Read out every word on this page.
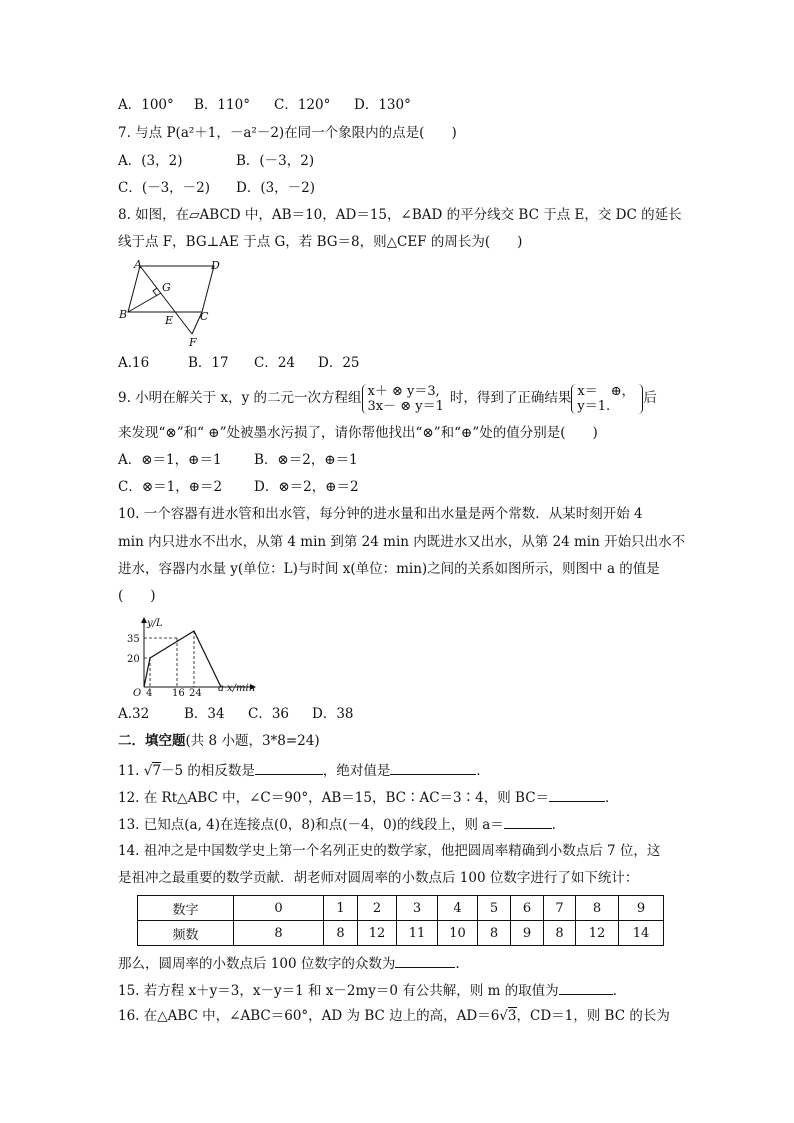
A．100° B．110° C．120° D．130°
7. 与点 P(a²＋1，－a²－2)在同一个象限内的点是(　　)
A．(3，2)	B．(－3，2)
C．(－3，－2) D．(3，－2)
8. 如图，在▱ABCD 中，AB＝10，AD＝15，∠BAD 的平分线交 BC 于点 E，交 DC 的延长
线于点 F，BG⊥AE 于点 G，若 BG＝8，则△CEF 的周长为(　　)
A	D
G
B	E C
F
A.16	B．17 C．24 D．25
9. 小明在解关于 x，y 的二元一次方程组 x＋ ⊗ y＝3,
3x－ ⊗ y＝1 时，得到了正确结果 x＝　⊕，
y＝1. 后
来发现“⊗”和“ ⊕”处被墨水污损了，请你帮他找出“⊗”和“⊕”处的值分别是(　　)
A．⊗＝1，⊕＝1 B．⊗＝2，⊕＝1
C．⊗＝1，⊕＝2 D．⊗＝2，⊕＝2
10. 一个容器有进水管和出水管，每分钟的进水量和出水量是两个常数．从某时刻开始 4
min 内只进水不出水，从第 4 min 到第 24 min 内既进水又出水，从第 24 min 开始只出水不
进水，容器内水量 y(单位：L)与时间 x(单位：min)之间的关系如图所示，则图中 a 的值是
(　　)
y/L
x/min
O
35
20
4 16 24 a
A.32	B．34 C．36 D．38
二．填空题(共 8 小题，3*8=24)
11. √7－5 的相反数是	，绝对值是	．
12. 在 Rt△ABC 中，∠C＝90°，AB＝15，BC∶AC＝3∶4，则 BC＝	．
13. 已知点(a, 4)在连接点(0，8)和点(－4，0)的线段上，则 a＝	．
14. 祖冲之是中国数学史上第一个名列正史的数学家，他把圆周率精确到小数点后 7 位，这
是祖冲之最重要的数学贡献．胡老师对圆周率的小数点后 100 位数字进行了如下统计：
数字	0	1	2	3	4	5	6	7	8	9
频数	8	8	12	11	10	8	9	8	12	14
那么，圆周率的小数点后 100 位数字的众数为	.
15. 若方程 x＋y＝3，x－y＝1 和 x－2my＝0 有公共解，则 m 的取值为	．
16. 在△ABC 中，∠ABC＝60°，AD 为 BC 边上的高，AD＝6√3，CD＝1，则 BC 的长为
